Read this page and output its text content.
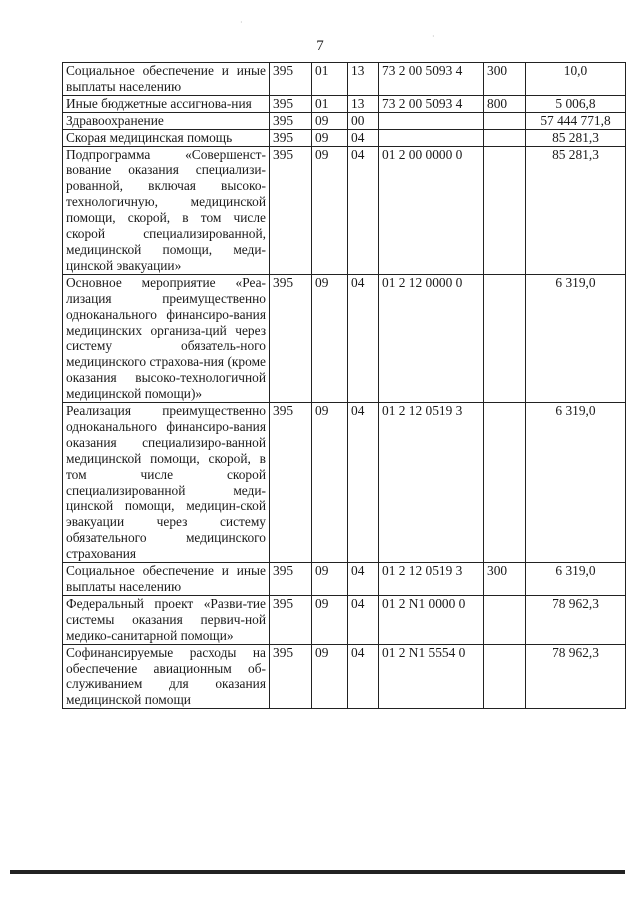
7
Социальное обеспечение и иные выплаты населению	395	01	13	73 2 00 5093 4	300	10,0
Иные бюджетные ассигнова-ния	395	01	13	73 2 00 5093 4	800	5 006,8
Здравоохранение	395	09	00			57 444 771,8
Скорая медицинская помощь	395	09	04			85 281,3
Подпрограмма «Совершенст-вование оказания специализи-рованной, включая высоко-технологичную, медицинской помощи, скорой, в том числе скорой специализированной, медицинской помощи, меди-цинской эвакуации»	395	09	04	01 2 00 0000 0		85 281,3
Основное мероприятие «Реа-лизация преимущественно одноканального финансиро-вания медицинских организа-ций через систему обязатель-ного медицинского страхова-ния (кроме оказания высоко-технологичной медицинской помощи)»	395	09	04	01 2 12 0000 0		6 319,0
Реализация преимущественно одноканального финансиро-вания оказания специализиро-ванной медицинской помощи, скорой, в том числе скорой специализированной меди-цинской помощи, медицин-ской эвакуации через систему обязательного медицинского страхования	395	09	04	01 2 12 0519 3		6 319,0
Социальное обеспечение и иные выплаты населению	395	09	04	01 2 12 0519 3	300	6 319,0
Федеральный проект «Разви-тие системы оказания первич-ной медико-санитарной помощи»	395	09	04	01 2 N1 0000 0		78 962,3
Софинансируемые расходы на обеспечение авиационным об-служиванием для оказания медицинской помощи	395	09	04	01 2 N1 5554 0		78 962,3
·
·
